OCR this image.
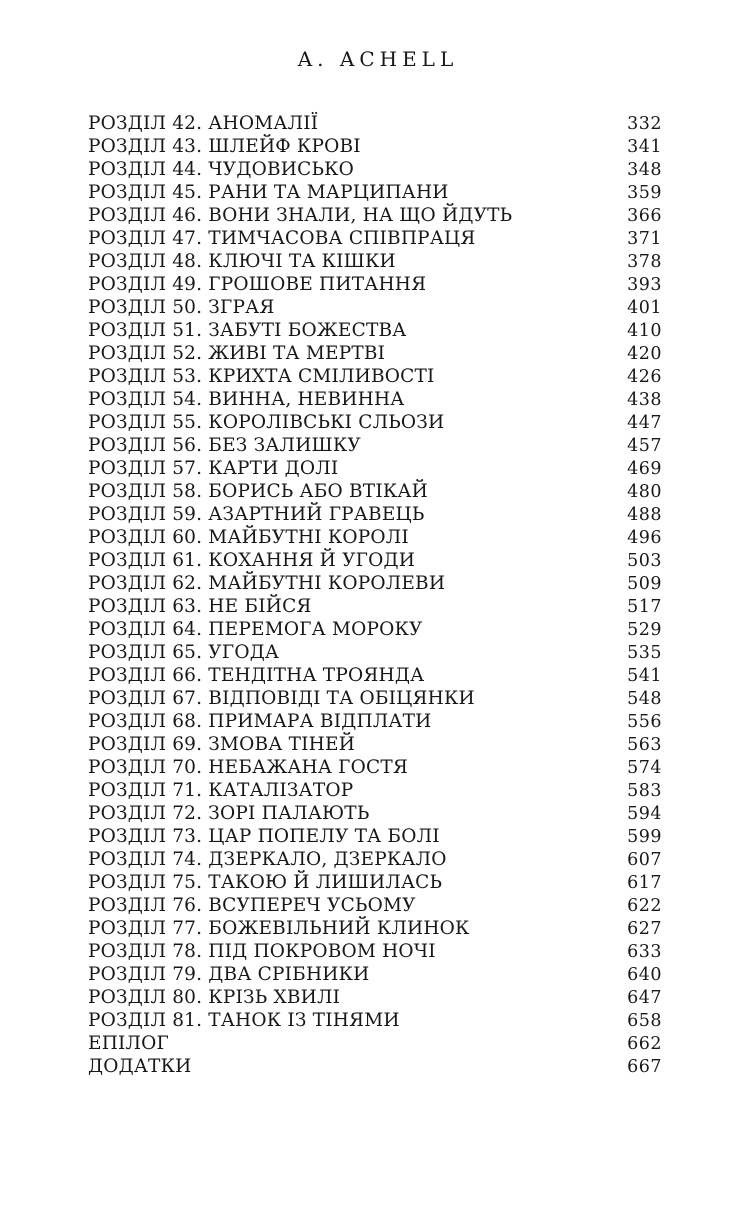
A. ACHELL
РОЗДІЛ 42. АНОМАЛІЇ	332
РОЗДІЛ 43. ШЛЕЙФ КРОВІ	341
РОЗДІЛ 44. ЧУДОВИСЬКО	348
РОЗДІЛ 45. РАНИ ТА МАРЦИПАНИ	359
РОЗДІЛ 46. ВОНИ ЗНАЛИ, НА ЩО ЙДУТЬ	366
РОЗДІЛ 47. ТИМЧАСОВА СПІВПРАЦЯ	371
РОЗДІЛ 48. КЛЮЧІ ТА КІШКИ	378
РОЗДІЛ 49. ГРОШОВЕ ПИТАННЯ	393
РОЗДІЛ 50. ЗГРАЯ	401
РОЗДІЛ 51. ЗАБУТІ БОЖЕСТВА	410
РОЗДІЛ 52. ЖИВІ ТА МЕРТВІ	420
РОЗДІЛ 53. КРИХТА СМІЛИВОСТІ	426
РОЗДІЛ 54. ВИННА, НЕВИННА	438
РОЗДІЛ 55. КОРОЛІВСЬКІ СЛЬОЗИ	447
РОЗДІЛ 56. БЕЗ ЗАЛИШКУ	457
РОЗДІЛ 57. КАРТИ ДОЛІ	469
РОЗДІЛ 58. БОРИСЬ АБО ВТІКАЙ	480
РОЗДІЛ 59. АЗАРТНИЙ ГРАВЕЦЬ	488
РОЗДІЛ 60. МАЙБУТНІ КОРОЛІ	496
РОЗДІЛ 61. КОХАННЯ Й УГОДИ	503
РОЗДІЛ 62. МАЙБУТНІ КОРОЛЕВИ	509
РОЗДІЛ 63. НЕ БІЙСЯ	517
РОЗДІЛ 64. ПЕРЕМОГА МОРОКУ	529
РОЗДІЛ 65. УГОДА	535
РОЗДІЛ 66. ТЕНДІТНА ТРОЯНДА	541
РОЗДІЛ 67. ВІДПОВІДІ ТА ОБІЦЯНКИ	548
РОЗДІЛ 68. ПРИМАРА ВІДПЛАТИ	556
РОЗДІЛ 69. ЗМОВА ТІНЕЙ	563
РОЗДІЛ 70. НЕБАЖАНА ГОСТЯ	574
РОЗДІЛ 71. КАТАЛІЗАТОР	583
РОЗДІЛ 72. ЗОРІ ПАЛАЮТЬ	594
РОЗДІЛ 73. ЦАР ПОПЕЛУ ТА БОЛІ	599
РОЗДІЛ 74. ДЗЕРКАЛО, ДЗЕРКАЛО	607
РОЗДІЛ 75. ТАКОЮ Й ЛИШИЛАСЬ	617
РОЗДІЛ 76. ВСУПЕРЕЧ УСЬОМУ	622
РОЗДІЛ 77. БОЖЕВІЛЬНИЙ КЛИНОК	627
РОЗДІЛ 78. ПІД ПОКРОВОМ НОЧІ	633
РОЗДІЛ 79. ДВА СРІБНИКИ	640
РОЗДІЛ 80. КРІЗЬ ХВИЛІ	647
РОЗДІЛ 81. ТАНОК ІЗ ТІНЯМИ	658
ЕПІЛОГ	662
ДОДАТКИ	667
